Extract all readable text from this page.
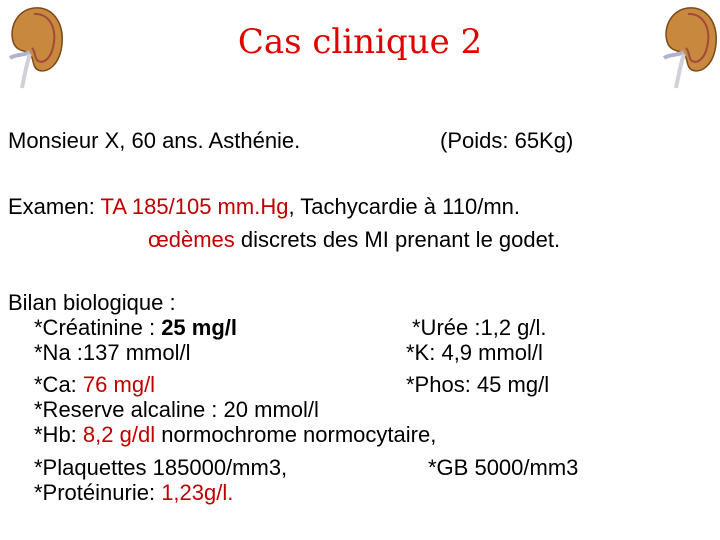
Cas clinique 2
Monsieur X, 60 ans. Asthénie.	(Poids: 65Kg)
Examen: TA 185/105 mm.Hg, Tachycardie à 110/mn.
œdèmes discrets des MI prenant le godet.
Bilan biologique :
*Créatinine : 25 mg/l	*Urée :1,2 g/l.
*Na :137 mmol/l	*K: 4,9 mmol/l
*Ca: 76 mg/l	*Phos: 45 mg/l
*Reserve alcaline : 20 mmol/l
*Hb: 8,2 g/dl normochrome normocytaire,
*Plaquettes 185000/mm3,	*GB 5000/mm3
*Protéinurie: 1,23g/l.
